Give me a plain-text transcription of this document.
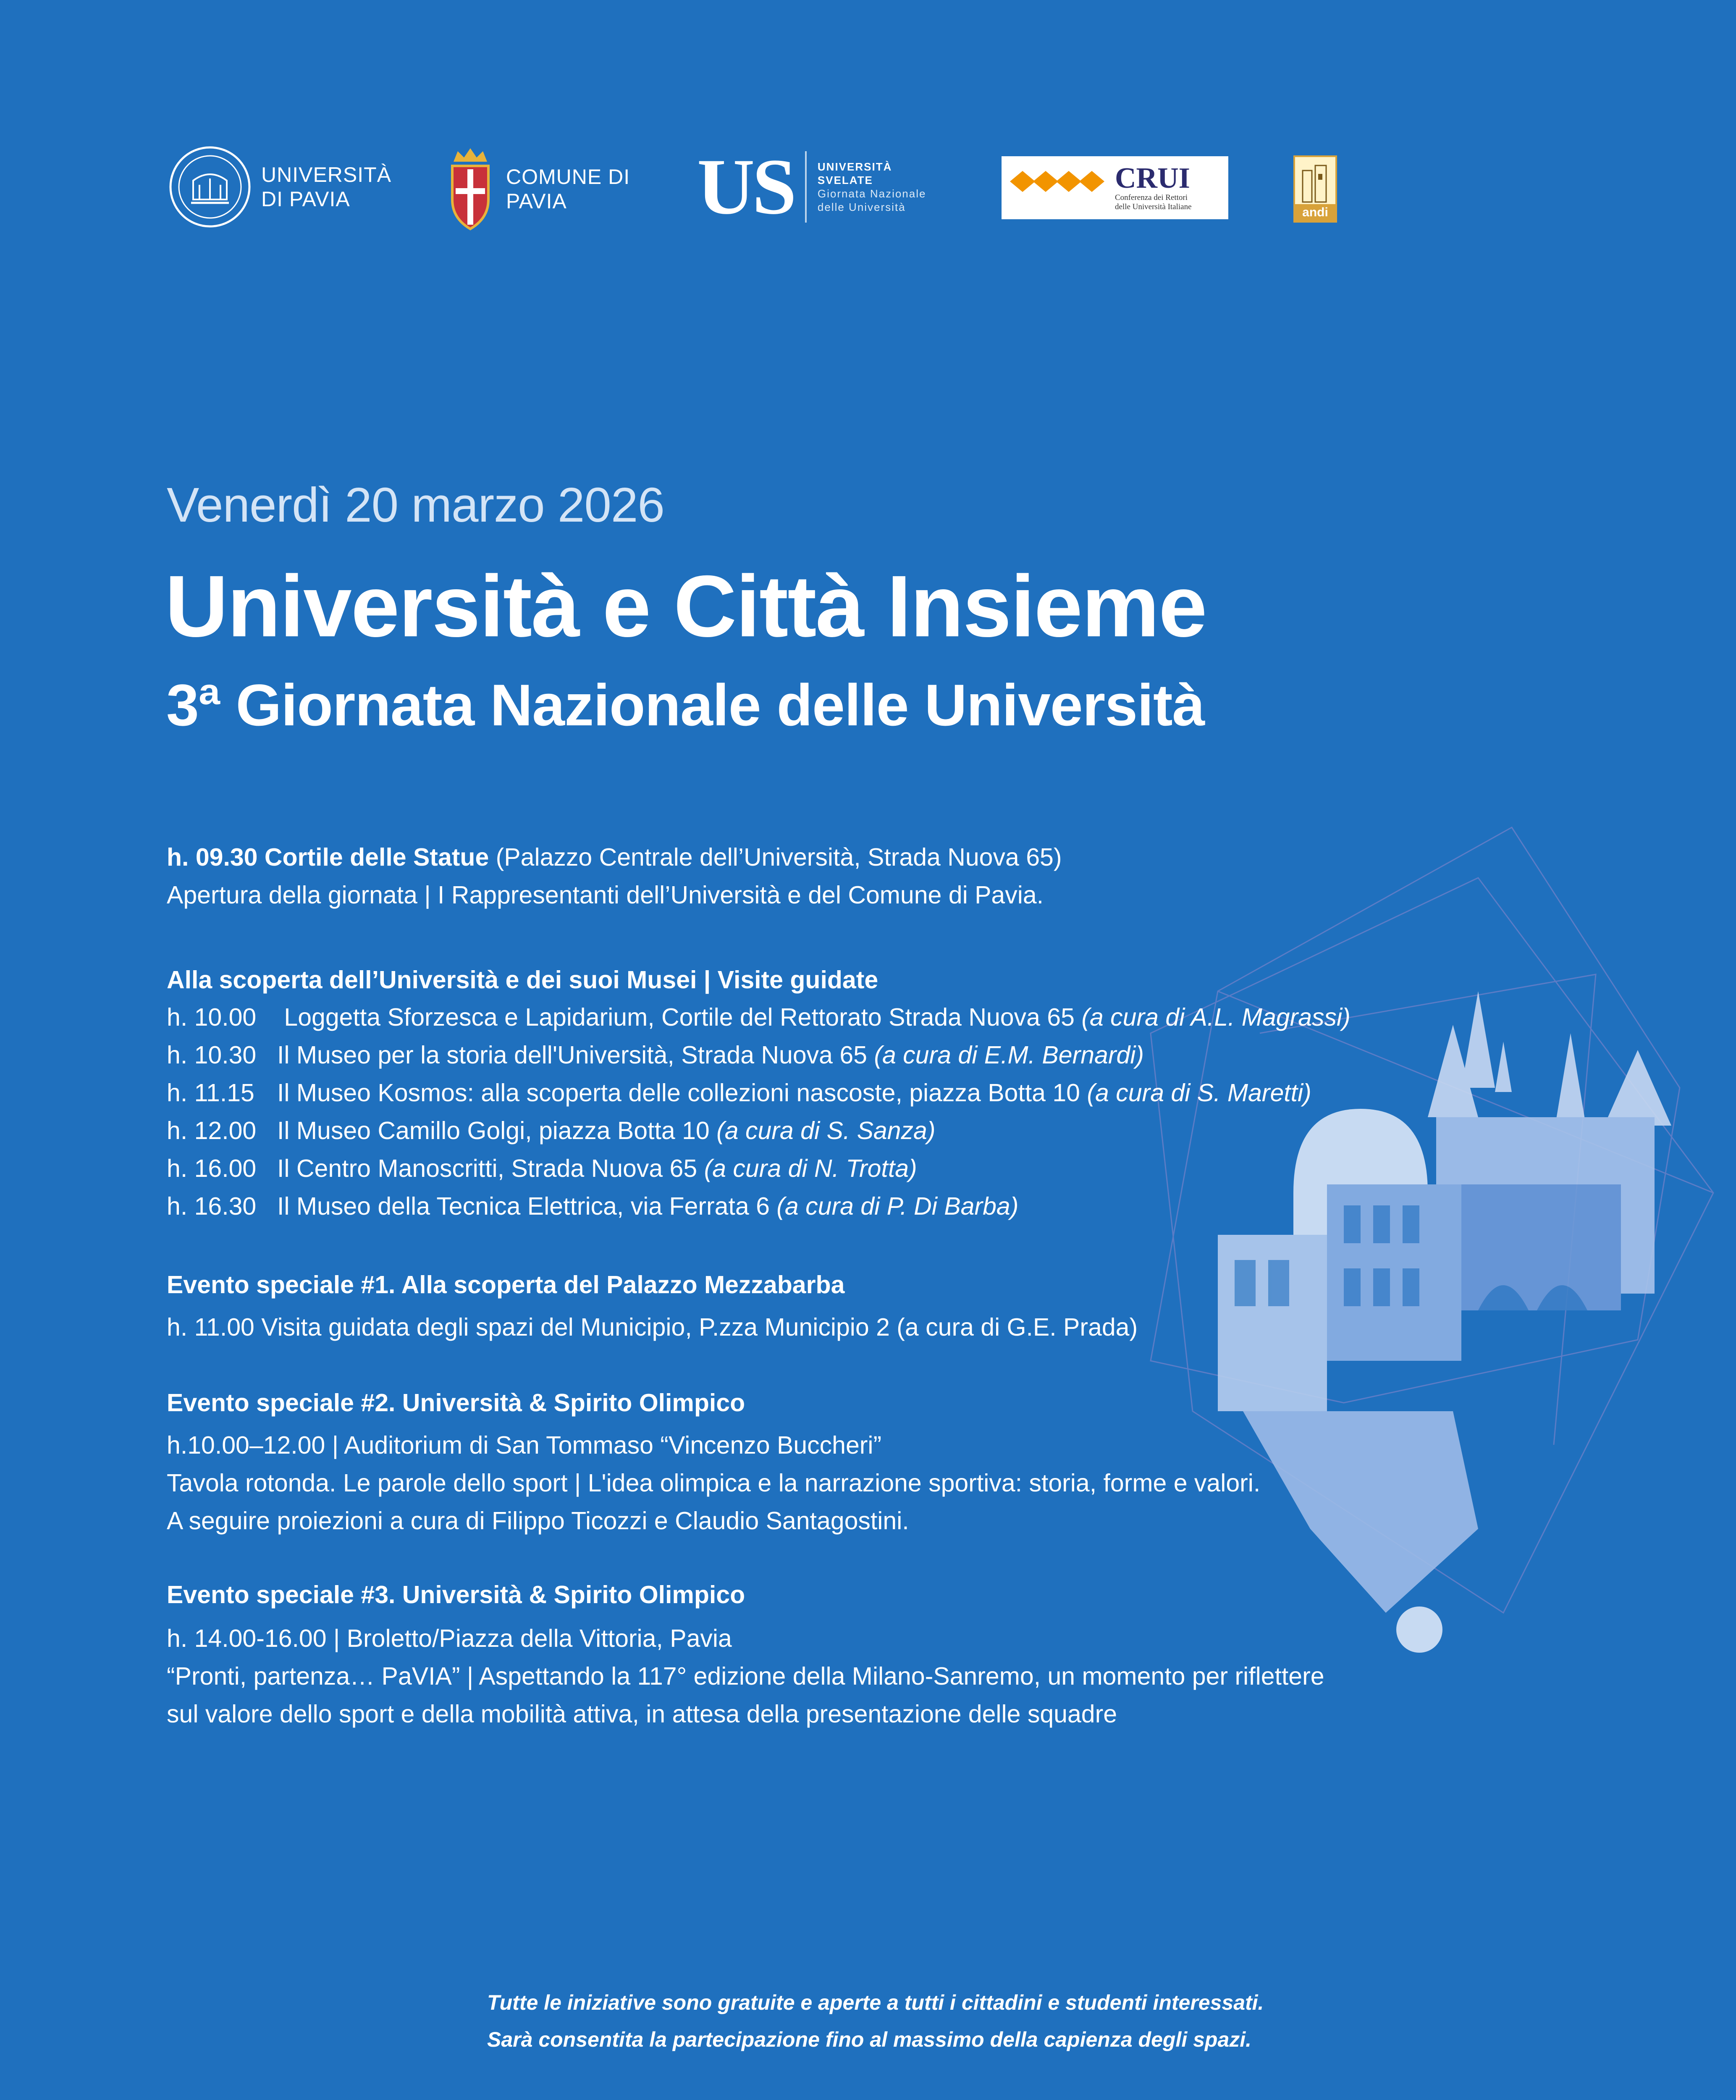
UNIVERSITÀ
DI PAVIA
COMUNE DI
PAVIA	US UNIVERSITÀ
SVELATE
Giornata Nazionale
delle Università
CRUI
Conferenza dei Rettori
delle Università Italiane	andi
Venerdì 20 marzo 2026
Università e Città Insieme
3ª Giornata Nazionale delle Università
h. 09.30 Cortile delle Statue (Palazzo Centrale dell’Università, Strada Nuova 65)
Apertura della giornata | I Rappresentanti dell’Università e del Comune di Pavia.
Alla scoperta dell’Università e dei suoi Musei | Visite guidate
h. 10.00 Loggetta Sforzesca e Lapidarium, Cortile del Rettorato Strada Nuova 65 (a cura di A.L. Magrassi)
h. 10.30 Il Museo per la storia dell'Università, Strada Nuova 65 (a cura di E.M. Bernardi)
h. 11.15 Il Museo Kosmos: alla scoperta delle collezioni nascoste, piazza Botta 10 (a cura di S. Maretti)
h. 12.00 Il Museo Camillo Golgi, piazza Botta 10 (a cura di S. Sanza)
h. 16.00 Il Centro Manoscritti, Strada Nuova 65 (a cura di N. Trotta)
h. 16.30 Il Museo della Tecnica Elettrica, via Ferrata 6 (a cura di P. Di Barba)
Evento speciale #1. Alla scoperta del Palazzo Mezzabarba
h. 11.00 Visita guidata degli spazi del Municipio, P.zza Municipio 2 (a cura di G.E. Prada)
Evento speciale #2. Università & Spirito Olimpico
h.10.00–12.00 | Auditorium di San Tommaso “Vincenzo Buccheri”
Tavola rotonda. Le parole dello sport | L'idea olimpica e la narrazione sportiva: storia, forme e valori.
A seguire proiezioni a cura di Filippo Ticozzi e Claudio Santagostini.
Evento speciale #3. Università & Spirito Olimpico
h. 14.00-16.00 | Broletto/Piazza della Vittoria, Pavia
“Pronti, partenza… PaVIA” | Aspettando la 117° edizione della Milano-Sanremo, un momento per riflettere
sul valore dello sport e della mobilità attiva, in attesa della presentazione delle squadre
Tutte le iniziative sono gratuite e aperte a tutti i cittadini e studenti interessati.
Sarà consentita la partecipazione fino al massimo della capienza degli spazi.
